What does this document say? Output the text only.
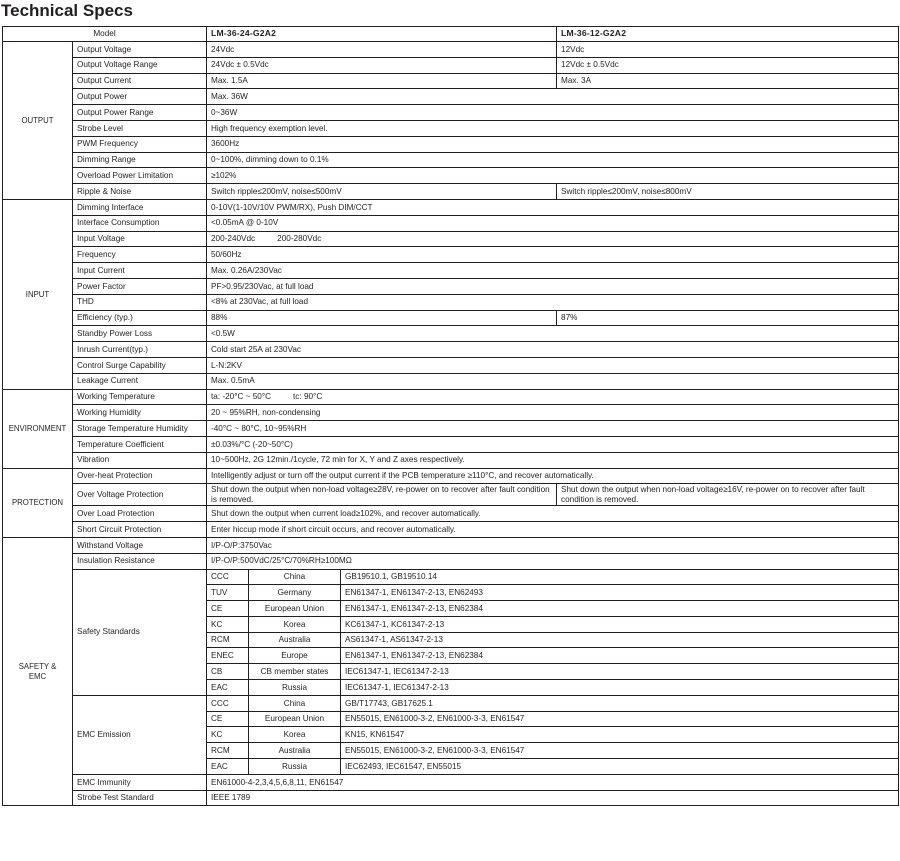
Technical Specs
Model		LM-36-24-G2A2			LM-36-12-G2A2
OUTPUT	Output Voltage	24Vdc			12Vdc
	Output Voltage Range	24Vdc ± 0.5Vdc			12Vdc ± 0.5Vdc
	Output Current	Max. 1.5A			Max. 3A
	Output Power	Max. 36W			
	Output Power Range	0~36W			
	Strobe Level	High frequency exemption level.			
	PWM Frequency	3600Hz			
	Dimming Range	0~100%, dimming down to 0.1%			
	Overload Power Limitation	≥102%			
	Ripple & Noise	Switch ripple≤200mV, noise≤500mV			Switch ripple≤200mV, noise≤800mV
INPUT	Dimming Interface	0-10V(1-10V/10V PWM/RX), Push DIM/CCT			
	Interface Consumption	<0.05mA @ 0-10V			
	Input Voltage	200-240Vdc 200-280Vdc			
	Frequency	50/60Hz			
	Input Current	Max. 0.26A/230Vac			
	Power Factor	PF>0.95/230Vac, at full load			
	THD	<8% at 230Vac, at full load			
	Efficiency (typ.)	88%			87%
	Standby Power Loss	<0.5W			
	Inrush Current(typ.)	Cold start 25A at 230Vac			
	Control Surge Capability	L-N:2KV			
	Leakage Current	Max. 0.5mA			
ENVIRONMENT	Working Temperature	ta: -20°C ~ 50°C tc: 90°C			
	Working Humidity	20 ~ 95%RH, non-condensing			
	Storage Temperature Humidity	-40°C ~ 80°C, 10~95%RH			
	Temperature Coefficient	±0.03%/°C (-20~50°C)			
	Vibration	10~500Hz, 2G 12min./1cycle, 72 min for X, Y and Z axes respectively.			
PROTECTION	Over-heat Protection	Intelligently adjust or turn off the output current if the PCB temperature ≥110°C, and recover automatically.			
	Over Voltage Protection	Shut down the output when non-load voltage≥28V, re-power on to recover after fault condition is removed.			Shut down the output when non-load voltage≥16V, re-power on to recover after fault condition is removed.
	Over Load Protection	Shut down the output when current load≥102%, and recover automatically.			
	Short Circuit Protection	Enter hiccup mode if short circuit occurs, and recover automatically.			
SAFETY &
EMC	Withstand Voltage	I/P-O/P:3750Vac			
	Insulation Resistance	I/P-O/P:500VdC/25°C/70%RH≥100MΩ			
	Safety Standards	CCC	China	GB19510.1, GB19510.14	
		TUV	Germany	EN61347-1, EN61347-2-13, EN62493	
		CE	European Union	EN61347-1, EN61347-2-13, EN62384	
		KC	Korea	KC61347-1, KC61347-2-13	
		RCM	Australia	AS61347-1, AS61347-2-13	
		ENEC	Europe	EN61347-1, EN61347-2-13, EN62384	
		CB	CB member states	IEC61347-1, IEC61347-2-13	
		EAC	Russia	IEC61347-1, IEC61347-2-13	
	EMC Emission	CCC	China	GB/T17743, GB17625.1	
		CE	European Union	EN55015, EN61000-3-2, EN61000-3-3, EN61547	
		KC	Korea	KN15, KN61547	
		RCM	Australia	EN55015, EN61000-3-2, EN61000-3-3, EN61547	
		EAC	Russia	IEC62493, IEC61547, EN55015	
	EMC Immunity	EN61000-4-2,3,4,5,6,8,11, EN61547			
	Strobe Test Standard	IEEE 1789			
